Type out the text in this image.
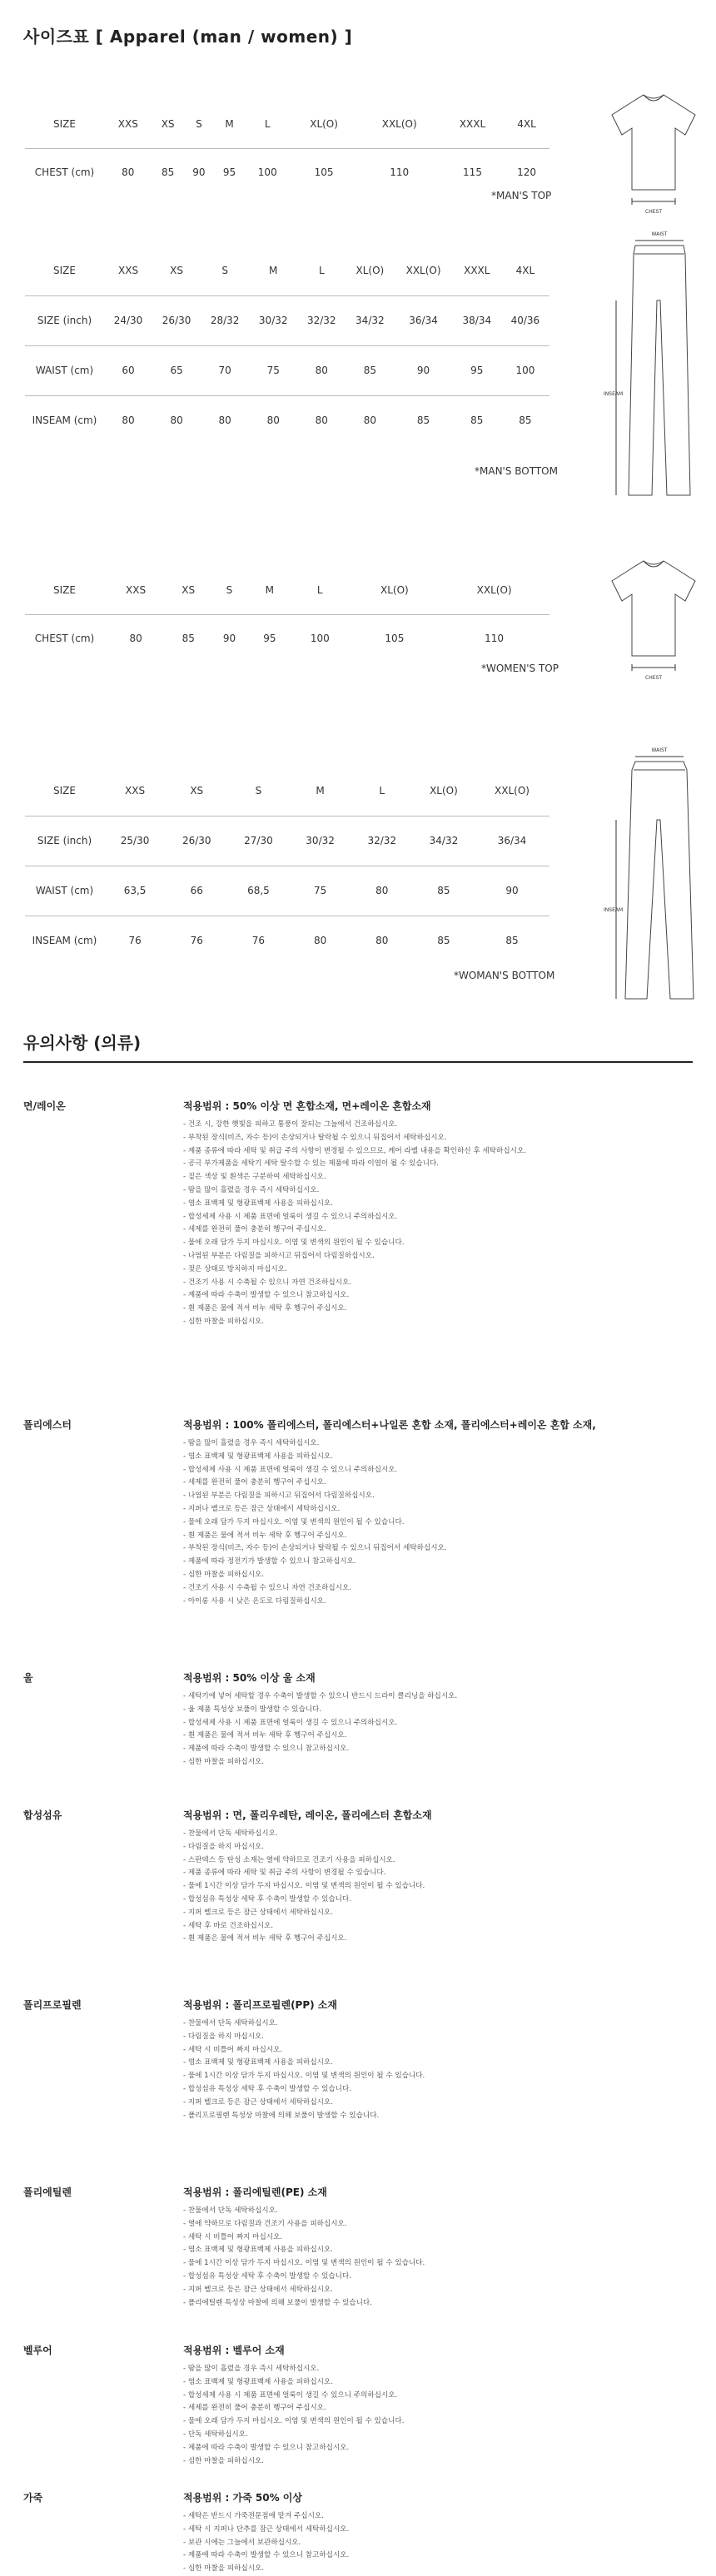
사이즈표 [ Apparel (man / women) ]
SIZE	XXS	XS	S	M	L	XL(O)	XXL(O)	XXXL	4XL
CHEST (cm)	80	85	90	95	100	105	110	115	120
*MAN'S TOP
CHEST
SIZE	XXS	XS	S	M	L	XL(O)	XXL(O)	XXXL	4XL
SIZE (inch)	24/30	26/30	28/32	30/32	32/32	34/32	36/34	38/34	40/36
WAIST (cm)	60	65	70	75	80	85	90	95	100
INSEAM (cm)	80	80	80	80	80	80	85	85	85
*MAN'S BOTTOM
WAIST
INSEAM
SIZE	XXS	XS	S	M	L	XL(O)	XXL(O)
CHEST (cm)	80	85	90	95	100	105	110
*WOMEN'S TOP
CHEST
SIZE	XXS	XS	S	M	L	XL(O)	XXL(O)
SIZE (inch)	25/30	26/30	27/30	30/32	32/32	34/32	36/34
WAIST (cm)	63,5	66	68,5	75	80	85	90
INSEAM (cm)	76	76	76	80	80	85	85
*WOMAN'S BOTTOM
WAIST
INSEAM
유의사항 (의류)
면/레이온	적용범위 : 50% 이상 면 혼합소재, 면+레이온 혼합소재
- 건조 시, 강한 햇빛을 피하고 통풍이 잘되는 그늘에서 건조하십시오.
- 부착된 장식(비즈, 자수 등)이 손상되거나 탈락될 수 있으니 뒤집어서 세탁하십시오.
- 제품 종류에 따라 세탁 및 취급 주의 사항이 변경될 수 있으므로, 케어 라벨 내용을 확인하신 후 세탁하십시오.
- 공극 부가제품을 세탁기 세탁 탈수할 수 있는 제품에 따라 이염이 될 수 있습니다.
- 짙은 색상 및 흰색은 구분하여 세탁하십시오.
- 땀을 많이 흘렸을 경우 즉시 세탁하십시오.
- 염소 표백제 및 형광표백제 사용을 피하십시오.
- 합성세제 사용 시 제품 표면에 얼룩이 생길 수 있으니 주의하십시오.
- 세제를 완전히 풀어 충분히 헹구어 주십시오.
- 물에 오래 담가 두지 마십시오. 이염 및 변색의 원인이 될 수 있습니다.
- 나염된 부분은 다림질을 피하시고 뒤집어서 다림질하십시오.
- 젖은 상태로 방치하지 마십시오.
- 건조기 사용 시 수축될 수 있으니 자연 건조하십시오.
- 제품에 따라 수축이 발생할 수 있으니 참고하십시오.
- 흰 제품은 물에 적셔 비누 세탁 후 헹구어 주십시오.
- 심한 마찰을 피하십시오.
폴리에스터	적용범위 : 100% 폴리에스터, 폴리에스터+나일론 혼합 소재, 폴리에스터+레이온 혼합 소재,
- 땀을 많이 흘렸을 경우 즉시 세탁하십시오.
- 염소 표백제 및 형광표백제 사용을 피하십시오.
- 합성세제 사용 시 제품 표면에 얼룩이 생길 수 있으니 주의하십시오.
- 세제를 완전히 풀어 충분히 헹구어 주십시오.
- 나염된 부분은 다림질을 피하시고 뒤집어서 다림질하십시오.
- 지퍼나 벨크로 등은 잠근 상태에서 세탁하십시오.
- 물에 오래 담가 두지 마십시오. 이염 및 변색의 원인이 될 수 있습니다.
- 흰 제품은 물에 적셔 비누 세탁 후 헹구어 주십시오.
- 부착된 장식(비즈, 자수 등)이 손상되거나 탈락될 수 있으니 뒤집어서 세탁하십시오.
- 제품에 따라 정전기가 발생할 수 있으니 참고하십시오.
- 심한 마찰을 피하십시오.
- 건조기 사용 시 수축될 수 있으니 자연 건조하십시오.
- 아이롱 사용 시 낮은 온도로 다림질하십시오.
울	적용범위 : 50% 이상 울 소재
- 세탁기에 넣어 세탁할 경우 수축이 발생할 수 있으니 반드시 드라이 클리닝을 하십시오.
- 울 제품 특성상 보풀이 발생할 수 있습니다.
- 합성세제 사용 시 제품 표면에 얼룩이 생길 수 있으니 주의하십시오.
- 흰 제품은 물에 적셔 비누 세탁 후 헹구어 주십시오.
- 제품에 따라 수축이 발생할 수 있으니 참고하십시오.
- 심한 마찰을 피하십시오.
합성섬유	적용범위 : 면, 폴리우레탄, 레이온, 폴리에스터 혼합소재
- 찬물에서 단독 세탁하십시오.
- 다림질을 하지 마십시오.
- 스판덱스 등 탄성 소재는 열에 약하므로 건조기 사용을 피하십시오.
- 제품 종류에 따라 세탁 및 취급 주의 사항이 변경될 수 있습니다.
- 물에 1시간 이상 담가 두지 마십시오. 이염 및 변색의 원인이 될 수 있습니다.
- 합성섬유 특성상 세탁 후 수축이 발생할 수 있습니다.
- 지퍼 벨크로 등은 잠근 상태에서 세탁하십시오.
- 세탁 후 바로 건조하십시오.
- 흰 제품은 물에 적셔 비누 세탁 후 헹구어 주십시오.
폴리프로필렌	적용범위 : 폴리프로필렌(PP) 소재
- 찬물에서 단독 세탁하십시오.
- 다림질을 하지 마십시오.
- 세탁 시 비틀어 짜지 마십시오.
- 염소 표백제 및 형광표백제 사용을 피하십시오.
- 물에 1시간 이상 담가 두지 마십시오. 이염 및 변색의 원인이 될 수 있습니다.
- 합성섬유 특성상 세탁 후 수축이 발생할 수 있습니다.
- 지퍼 벨크로 등은 잠근 상태에서 세탁하십시오.
- 폴리프로필렌 특성상 마찰에 의해 보풀이 발생할 수 있습니다.
폴리에틸렌	적용범위 : 폴리에틸렌(PE) 소재
- 찬물에서 단독 세탁하십시오.
- 열에 약하므로 다림질과 건조기 사용을 피하십시오.
- 세탁 시 비틀어 짜지 마십시오.
- 염소 표백제 및 형광표백제 사용을 피하십시오.
- 물에 1시간 이상 담가 두지 마십시오. 이염 및 변색의 원인이 될 수 있습니다.
- 합성섬유 특성상 세탁 후 수축이 발생할 수 있습니다.
- 지퍼 벨크로 등은 잠근 상태에서 세탁하십시오.
- 폴리에틸렌 특성상 마찰에 의해 보풀이 발생할 수 있습니다.
벨루어	적용범위 : 벨루어 소재
- 땀을 많이 흘렸을 경우 즉시 세탁하십시오.
- 염소 표백제 및 형광표백제 사용을 피하십시오.
- 합성세제 사용 시 제품 표면에 얼룩이 생길 수 있으니 주의하십시오.
- 세제를 완전히 풀어 충분히 헹구어 주십시오.
- 물에 오래 담가 두지 마십시오. 이염 및 변색의 원인이 될 수 있습니다.
- 단독 세탁하십시오.
- 제품에 따라 수축이 발생할 수 있으니 참고하십시오.
- 심한 마찰을 피하십시오.
가죽	적용범위 : 가죽 50% 이상
- 세탁은 반드시 가죽전문점에 맡겨 주십시오.
- 세탁 시 지퍼나 단추를 잠근 상태에서 세탁하십시오.
- 보관 시에는 그늘에서 보관하십시오.
- 제품에 따라 수축이 발생할 수 있으니 참고하십시오.
- 심한 마찰을 피하십시오.
